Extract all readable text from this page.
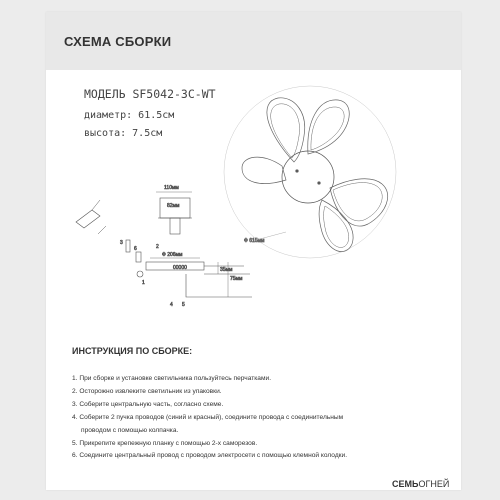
СХЕМА СБОРКИ
МОДЕЛЬ SF5042-3C-WT
диаметр: 61.5см
высота: 7.5см
Ф 615мм
110мм
82мм
Ф 206мм
00000	35мм
75мм
3
6	2
4 5
1
ИНСТРУКЦИЯ ПО СБОРКЕ:
1. При сборке и установке светильника пользуйтесь перчатками.
2. Осторожно извлеките светильник из упаковки.
3. Соберите центральную часть, согласно схеме.
4. Соберите 2 пучка проводов (синий и красный), соедините провода с соединительным
проводом с помощью колпачка.
5. Прикрепите крепежную планку с помощью 2-х саморезов.
6. Соедините центральный провод с проводом электросети с помощью клемной колодки.
СЕМЬОГНЕЙ
